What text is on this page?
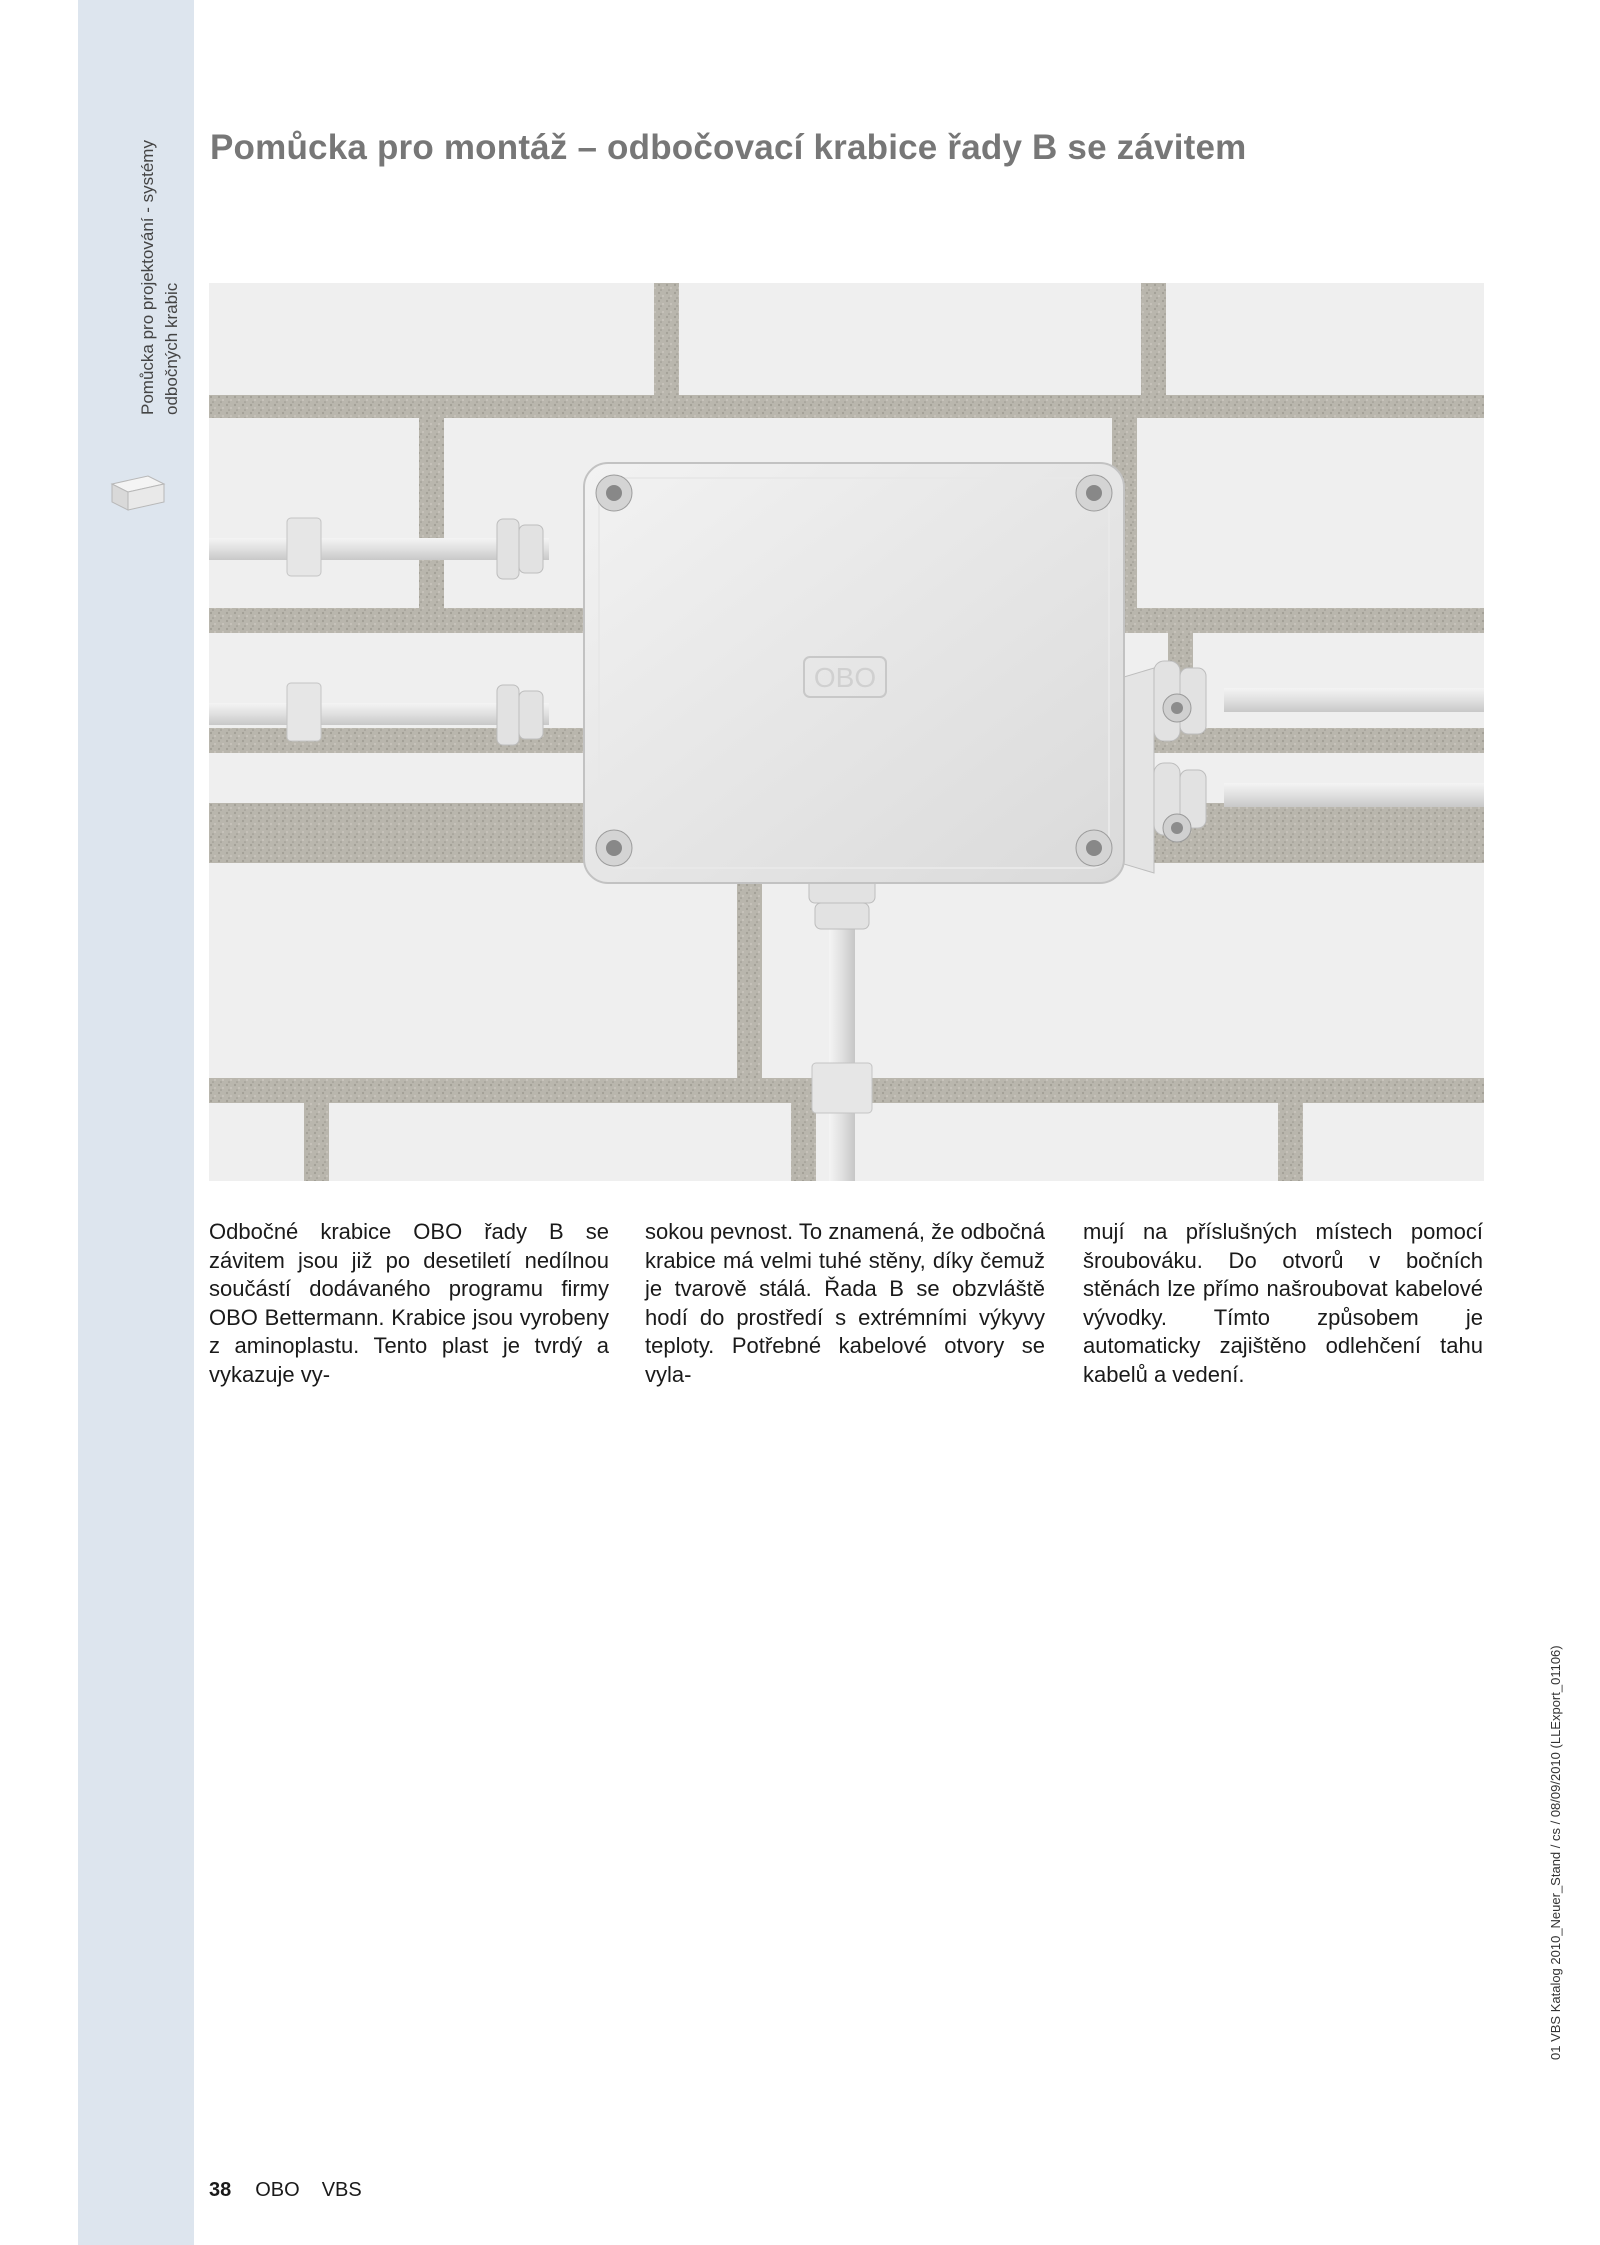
Pomůcka pro projektování - systémy odbočných krabic
Pomůcka pro montáž – odbočovací krabice řady B se závitem
OBO

Odbočné krabice OBO řady B se závitem jsou již po desetiletí nedílnou součástí dodávaného programu firmy OBO Bettermann. Krabice jsou vyrobeny z aminoplastu. Tento plast je tvrdý a vykazuje vy-

sokou pevnost. To znamená, že odbočná krabice má velmi tuhé stěny, díky čemuž je tvarově stálá. Řada B se obzvláště hodí do prostředí s extrémními výkyvy teploty. Potřebné kabelové otvory se vyla-

mují na příslušných místech pomocí šroubováku. Do otvorů v bočních stěnách lze přímo našroubovat kabelové vývodky. Tímto způsobem je automaticky zajištěno odlehčení tahu kabelů a vedení.

38 OBO VBS
01 VBS Katalog 2010_Neuer_Stand / cs / 08/09/2010 (LLExport_01106)
